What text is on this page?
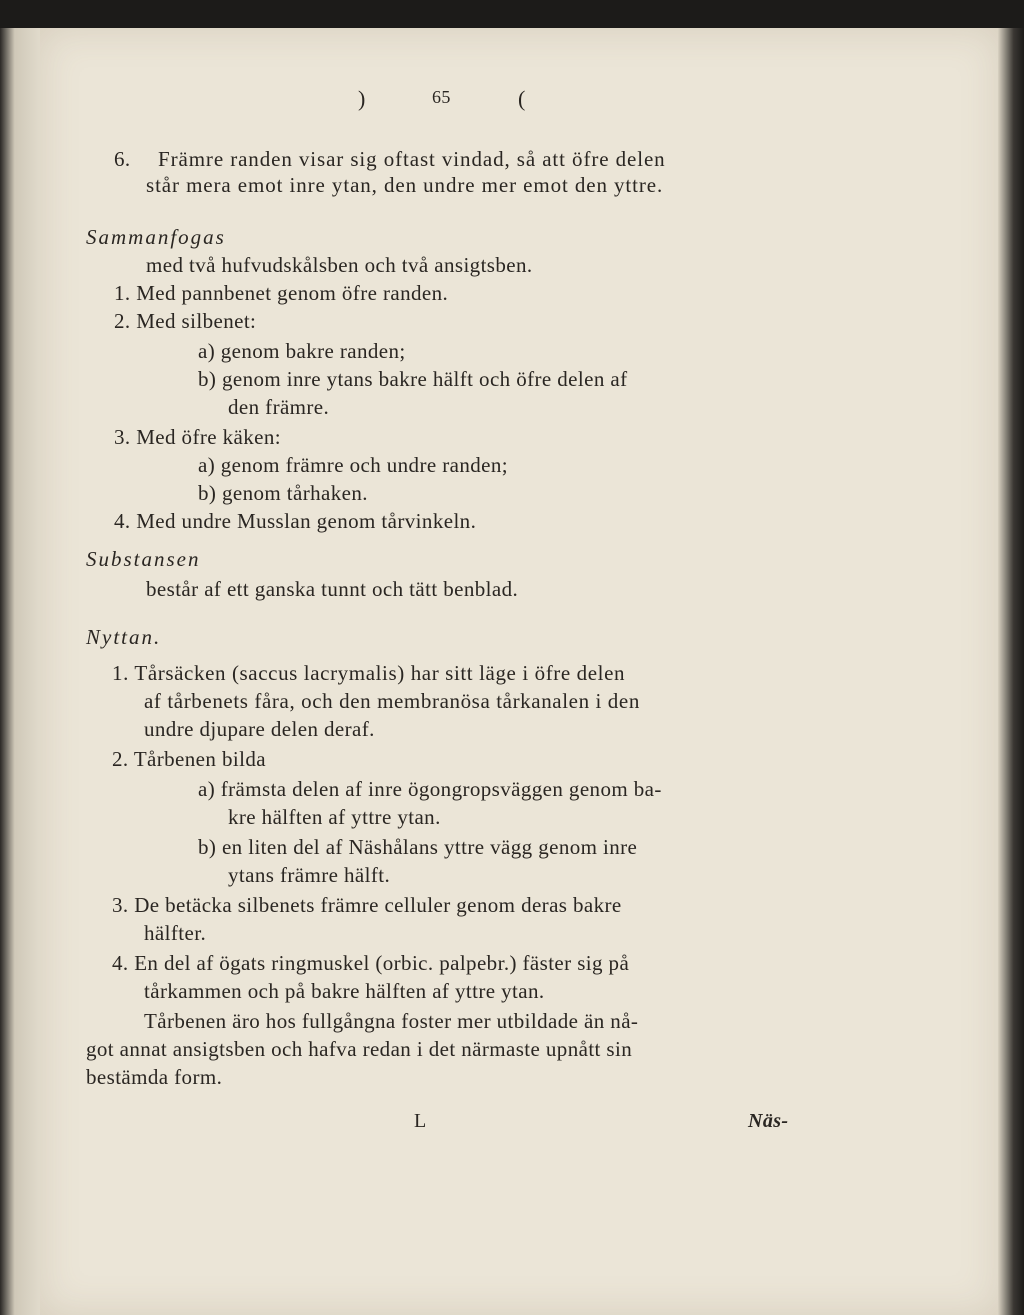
)	65	(
6. Främre randen visar sig oftast vindad, så att öfre delen
står mera emot inre ytan, den undre mer emot den yttre.
Sammanfogas
med två hufvudskålsben och två ansigtsben.
1. Med pannbenet genom öfre randen.
2. Med silbenet:
a) genom bakre randen;
b) genom inre ytans bakre hälft och öfre delen af
den främre.
3. Med öfre käken:
a) genom främre och undre randen;
b) genom tårhaken.
4. Med undre Musslan genom tårvinkeln.
Substansen
består af ett ganska tunnt och tätt benblad.
Nyttan.
1. Tårsäcken (saccus lacrymalis) har sitt läge i öfre delen
af tårbenets fåra, och den membranösa tårkanalen i den
undre djupare delen deraf.
2. Tårbenen bilda
a) främsta delen af inre ögongropsväggen genom ba-
kre hälften af yttre ytan.
b) en liten del af Näshålans yttre vägg genom inre
ytans främre hälft.
3. De betäcka silbenets främre celluler genom deras bakre
hälfter.
4. En del af ögats ringmuskel (orbic. palpebr.) fäster sig på
tårkammen och på bakre hälften af yttre ytan.
Tårbenen äro hos fullgångna foster mer utbildade än nå-
got annat ansigtsben och hafva redan i det närmaste upnått sin
bestämda form.
L	Näs-
